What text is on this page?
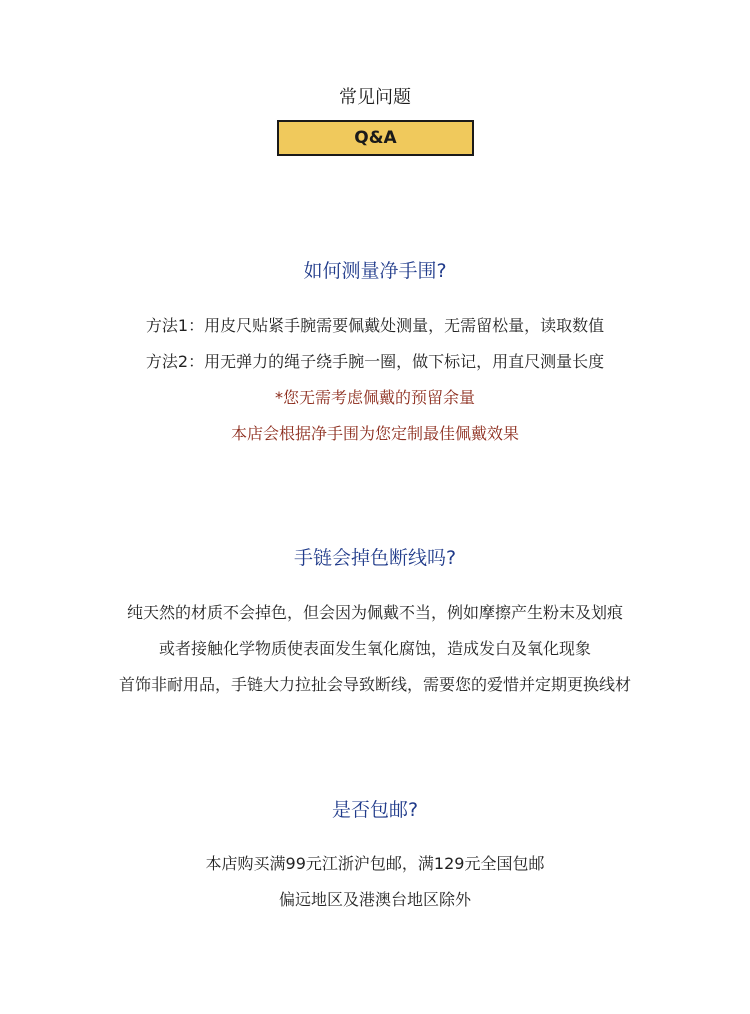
常见问题
Q&A
如何测量净手围?
方法1：用皮尺贴紧手腕需要佩戴处测量，无需留松量，读取数值
方法2：用无弹力的绳子绕手腕一圈，做下标记，用直尺测量长度
*您无需考虑佩戴的预留余量
本店会根据净手围为您定制最佳佩戴效果
手链会掉色断线吗?
纯天然的材质不会掉色，但会因为佩戴不当，例如摩擦产生粉末及划痕
或者接触化学物质使表面发生氧化腐蚀，造成发白及氧化现象
首饰非耐用品，手链大力拉扯会导致断线，需要您的爱惜并定期更换线材
是否包邮?
本店购买满99元江浙沪包邮，满129元全国包邮
偏远地区及港澳台地区除外
